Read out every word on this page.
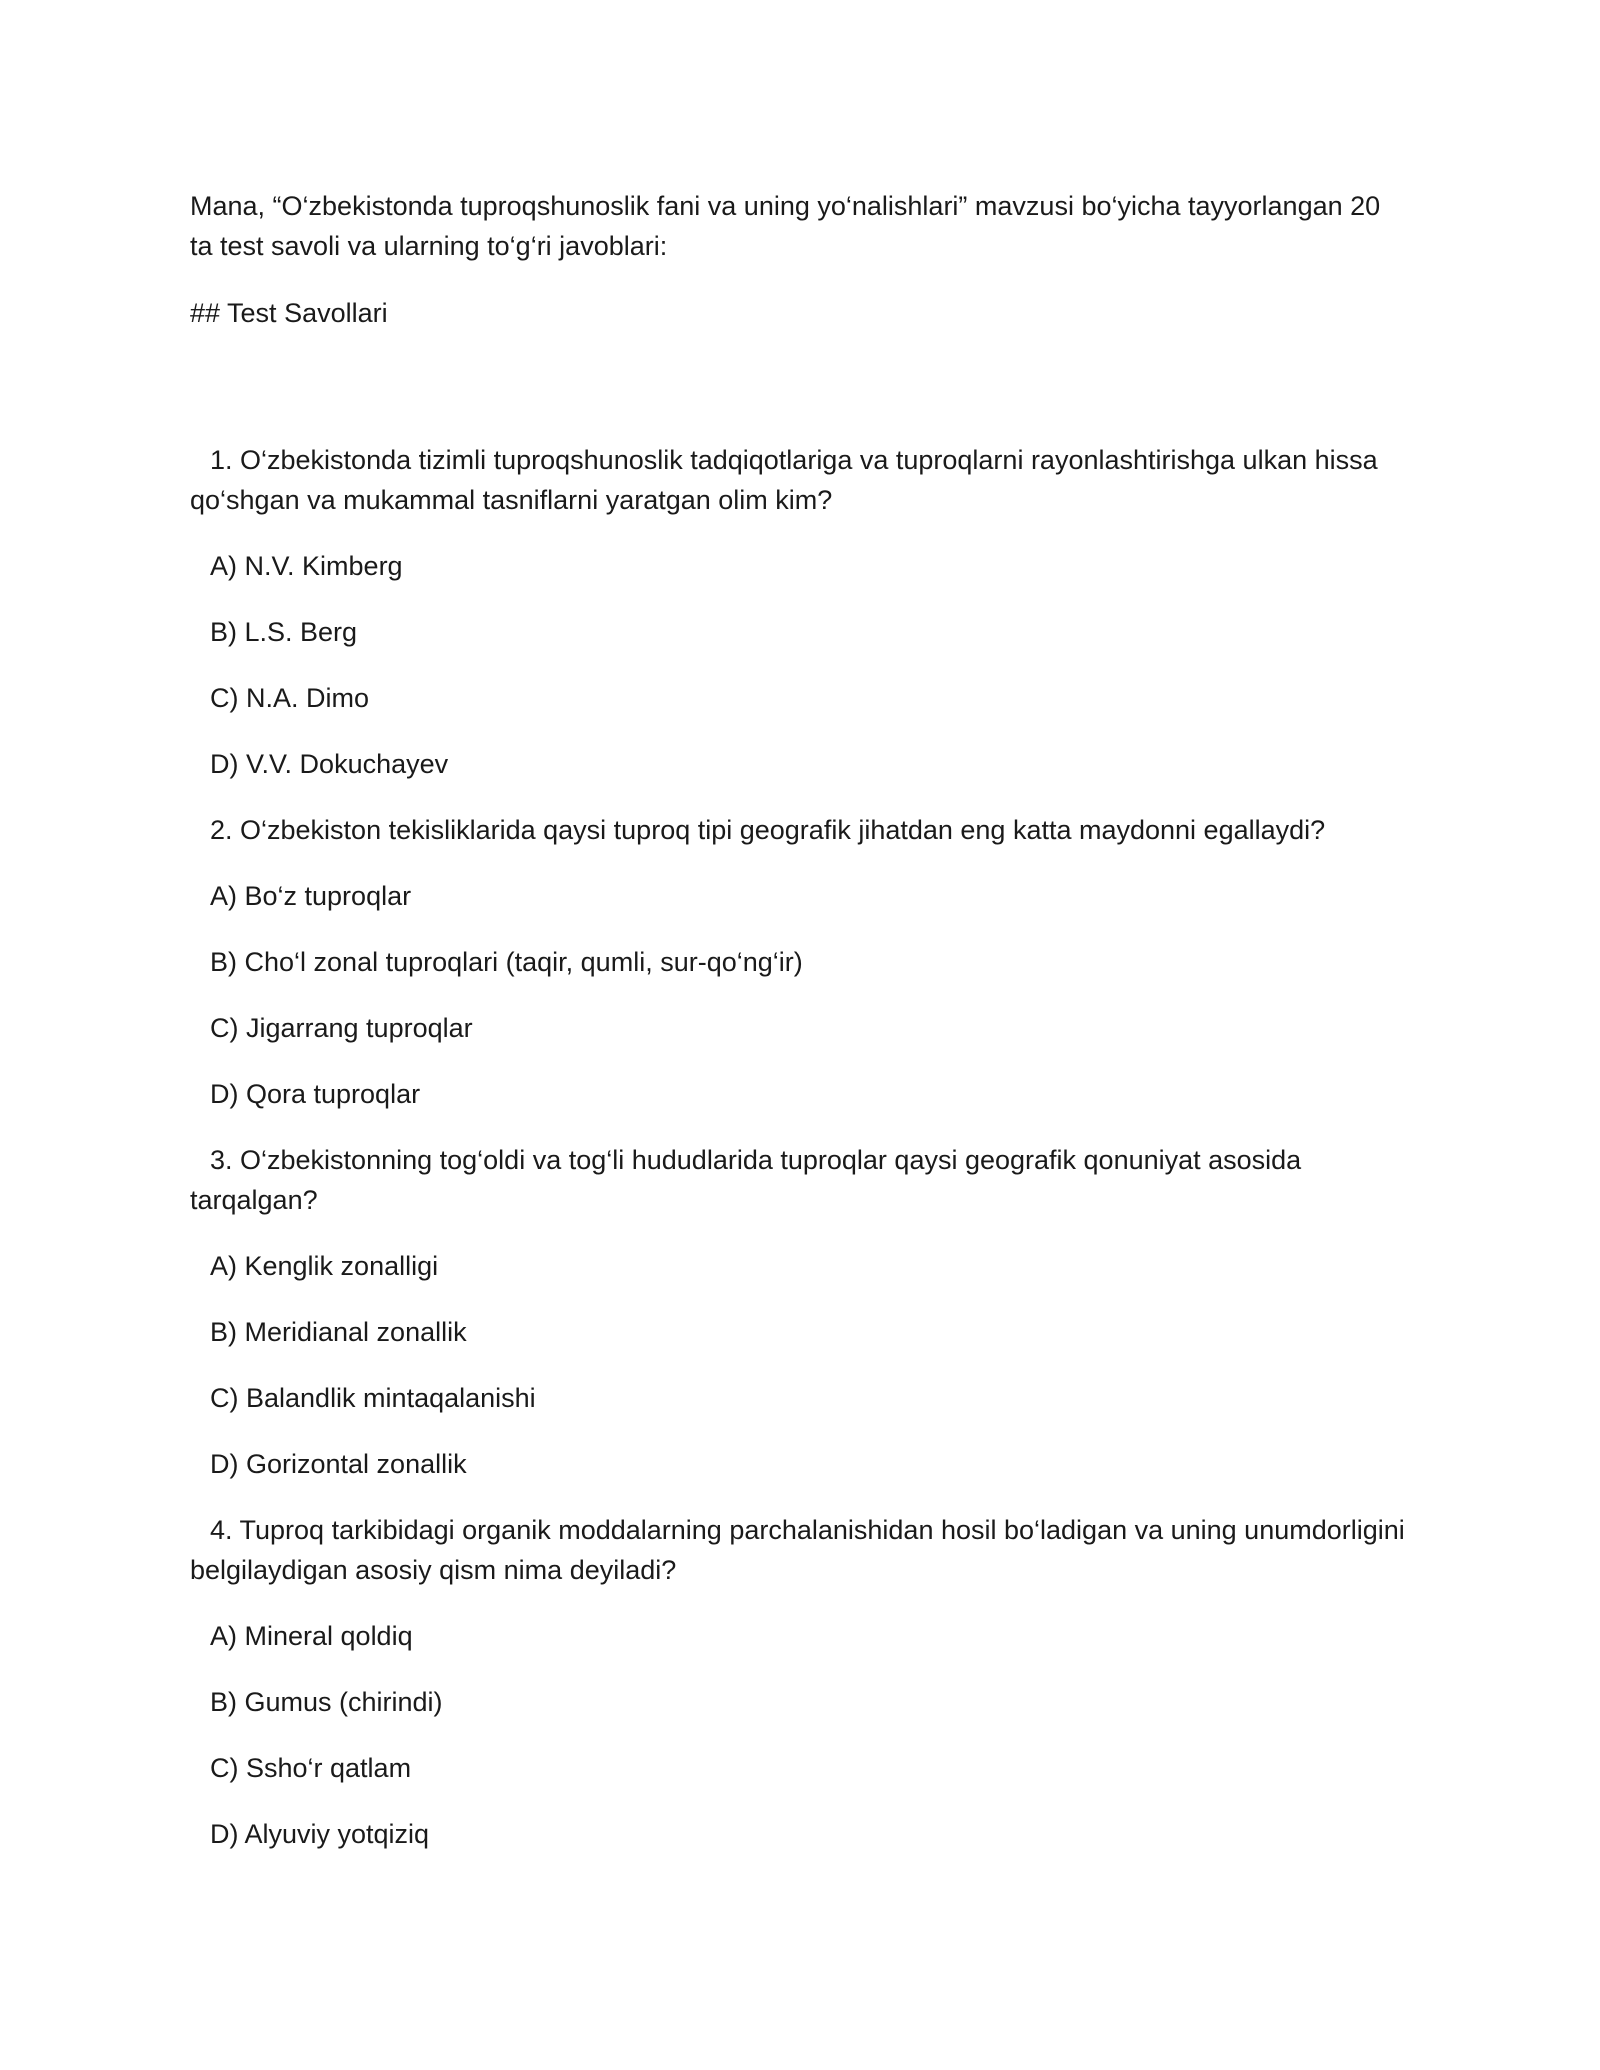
Mana, “O‘zbekistonda tuproqshunoslik fani va uning yo‘nalishlari” mavzusi bo‘yicha tayyorlangan 20 ta test savoli va ularning to‘g‘ri javoblari:

## Test Savollari

1. O‘zbekistonda tizimli tuproqshunoslik tadqiqotlariga va tuproqlarni rayonlashtirishga ulkan hissa qo‘shgan va mukammal tasniflarni yaratgan olim kim?

A) N.V. Kimberg

B) L.S. Berg

C) N.A. Dimo

D) V.V. Dokuchayev

2. O‘zbekiston tekisliklarida qaysi tuproq tipi geografik jihatdan eng katta maydonni egallaydi?

A) Bo‘z tuproqlar

B) Cho‘l zonal tuproqlari (taqir, qumli, sur-qo‘ng‘ir)

C) Jigarrang tuproqlar

D) Qora tuproqlar

3. O‘zbekistonning tog‘oldi va tog‘li hududlarida tuproqlar qaysi geografik qonuniyat asosida tarqalgan?

A) Kenglik zonalligi

B) Meridianal zonallik

C) Balandlik mintaqalanishi

D) Gorizontal zonallik

4. Tuproq tarkibidagi organik moddalarning parchalanishidan hosil bo‘ladigan va uning unumdorligini belgilaydigan asosiy qism nima deyiladi?

A) Mineral qoldiq

B) Gumus (chirindi)

C) Ssho‘r qatlam

D) Alyuviy yotqiziq
